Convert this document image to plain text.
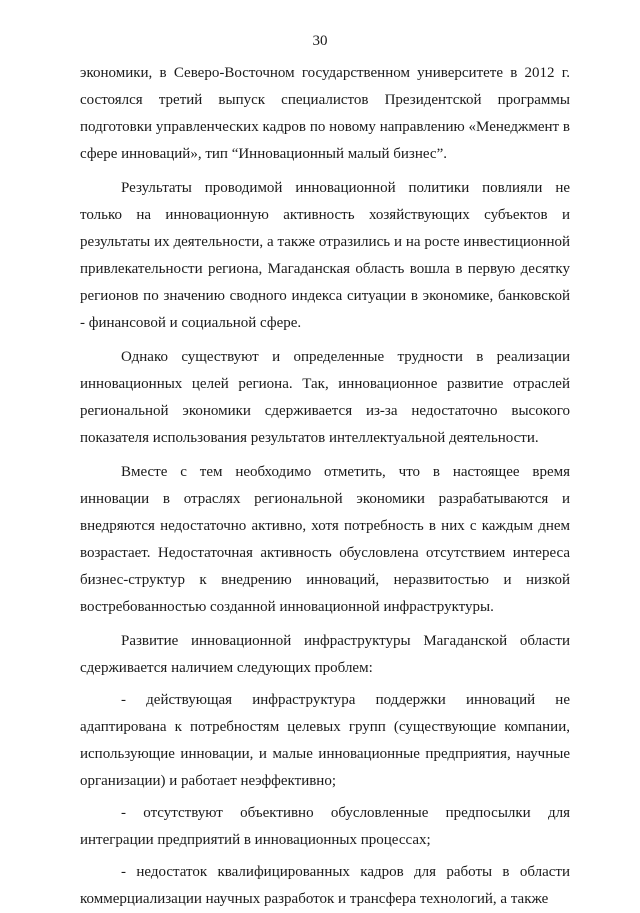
30

экономики, в Северо-Восточном государственном университете в 2012 г. состоялся третий выпуск специалистов Президентской программы подготовки управленческих кадров по новому направлению «Менеджмент в сфере инноваций», тип “Инновационный малый бизнес”.

Результаты проводимой инновационной политики повлияли не только на инновационную активность хозяйствующих субъектов и результаты их деятельности, а также отразились и на росте инвестиционной привлекательности региона, Магаданская область вошла в первую десятку регионов по значению сводного индекса ситуации в экономике, банковской - финансовой и социальной сфере.

Однако существуют и определенные трудности в реализации инновационных целей региона. Так, инновационное развитие отраслей региональной экономики сдерживается из-за недостаточно высокого показателя использования результатов интеллектуальной деятельности.

Вместе с тем необходимо отметить, что в настоящее время инновации в отраслях региональной экономики разрабатываются и внедряются недостаточно активно, хотя потребность в них с каждым днем возрастает. Недостаточная активность обусловлена отсутствием интереса бизнес-структур к внедрению инноваций, неразвитостью и низкой востребованностью созданной инновационной инфраструктуры.

Развитие инновационной инфраструктуры Магаданской области сдерживается наличием следующих проблем:

- действующая инфраструктура поддержки инноваций не адаптирована к потребностям целевых групп (существующие компании, использующие инновации, и малые инновационные предприятия, научные организации) и работает неэффективно;

- отсутствуют объективно обусловленные предпосылки для интеграции предприятий в инновационных процессах;

- недостаток квалифицированных кадров для работы в области коммерциализации научных разработок и трансфера технологий, а также
